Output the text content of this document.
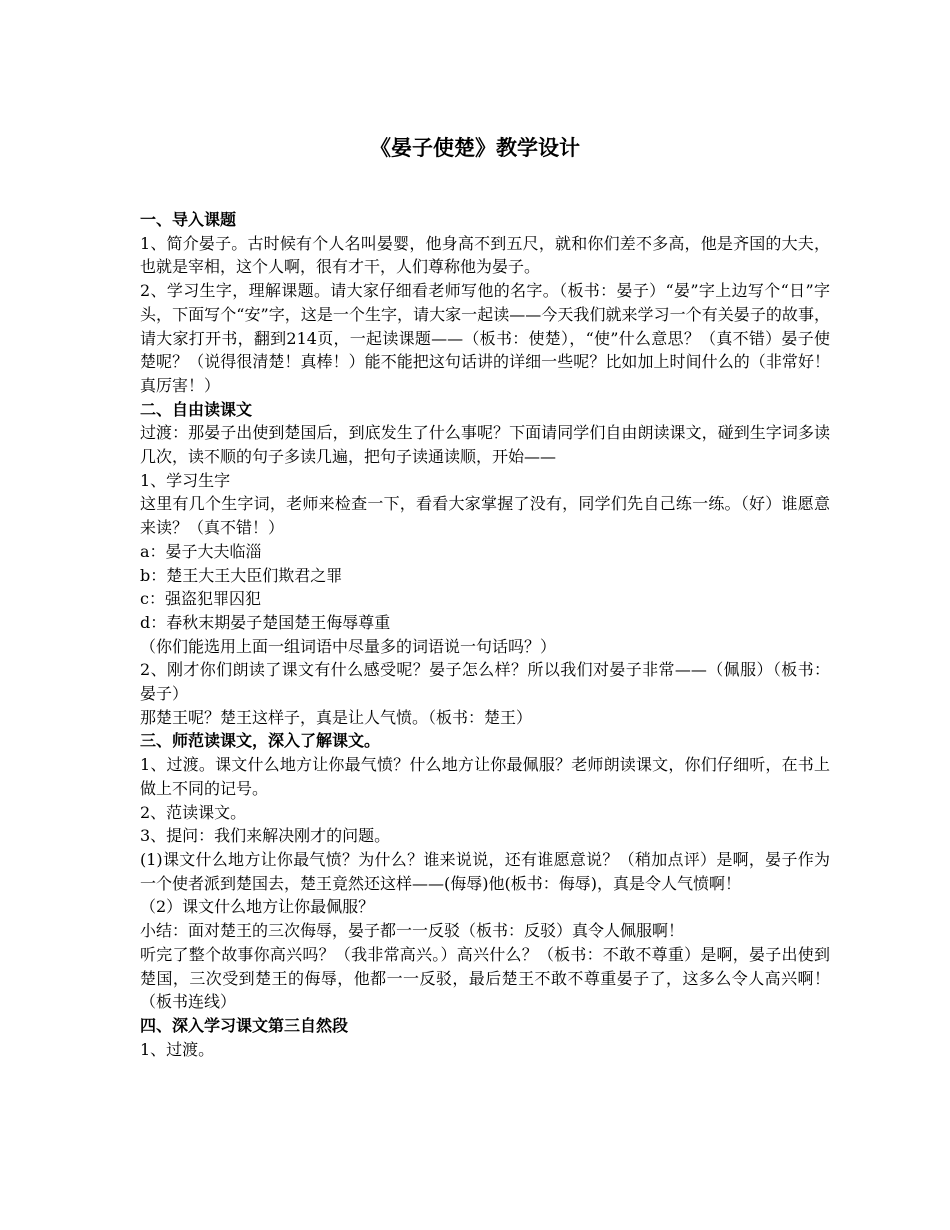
《晏子使楚》教学设计
一、导入课题

1、简介晏子。古时候有个人名叫晏婴，他身高不到五尺，就和你们差不多高，他是齐国的大夫，也就是宰相，这个人啊，很有才干，人们尊称他为晏子。

2、学习生字，理解课题。请大家仔细看老师写他的名字。（板书：晏子）“晏”字上边写个“日”字头，下面写个“安”字，这是一个生字，请大家一起读——今天我们就来学习一个有关晏子的故事，请大家打开书，翻到214页，一起读课题——（板书：使楚），“使”什么意思？（真不错）晏子使楚呢？（说得很清楚！真棒！）能不能把这句话讲的详细一些呢？比如加上时间什么的（非常好！真厉害！）

二、自由读课文

过渡：那晏子出使到楚国后，到底发生了什么事呢？下面请同学们自由朗读课文，碰到生字词多读几次，读不顺的句子多读几遍，把句子读通读顺，开始——

1、学习生字

这里有几个生字词，老师来检查一下，看看大家掌握了没有，同学们先自己练一练。（好）谁愿意来读？（真不错！）

a：晏子大夫临淄

b：楚王大王大臣们欺君之罪

c：强盗犯罪囚犯

d：春秋末期晏子楚国楚王侮辱尊重

（你们能选用上面一组词语中尽量多的词语说一句话吗？）

2、刚才你们朗读了课文有什么感受呢？晏子怎么样？所以我们对晏子非常——（佩服）（板书：晏子）

那楚王呢？楚王这样子，真是让人气愤。（板书：楚王）

三、师范读课文，深入了解课文。

1、过渡。课文什么地方让你最气愤？什么地方让你最佩服？老师朗读课文，你们仔细听，在书上做上不同的记号。

2、范读课文。

3、提问：我们来解决刚才的问题。

(1)课文什么地方让你最气愤？为什么？谁来说说，还有谁愿意说？（稍加点评）是啊，晏子作为一个使者派到楚国去，楚王竟然还这样——(侮辱)他(板书：侮辱)，真是令人气愤啊！

（2）课文什么地方让你最佩服？

小结：面对楚王的三次侮辱，晏子都一一反驳（板书：反驳）真令人佩服啊！

听完了整个故事你高兴吗？（我非常高兴。）高兴什么？（板书：不敢不尊重）是啊，晏子出使到楚国，三次受到楚王的侮辱，他都一一反驳，最后楚王不敢不尊重晏子了，这多么令人高兴啊！（板书连线）

四、深入学习课文第三自然段

1、过渡。
